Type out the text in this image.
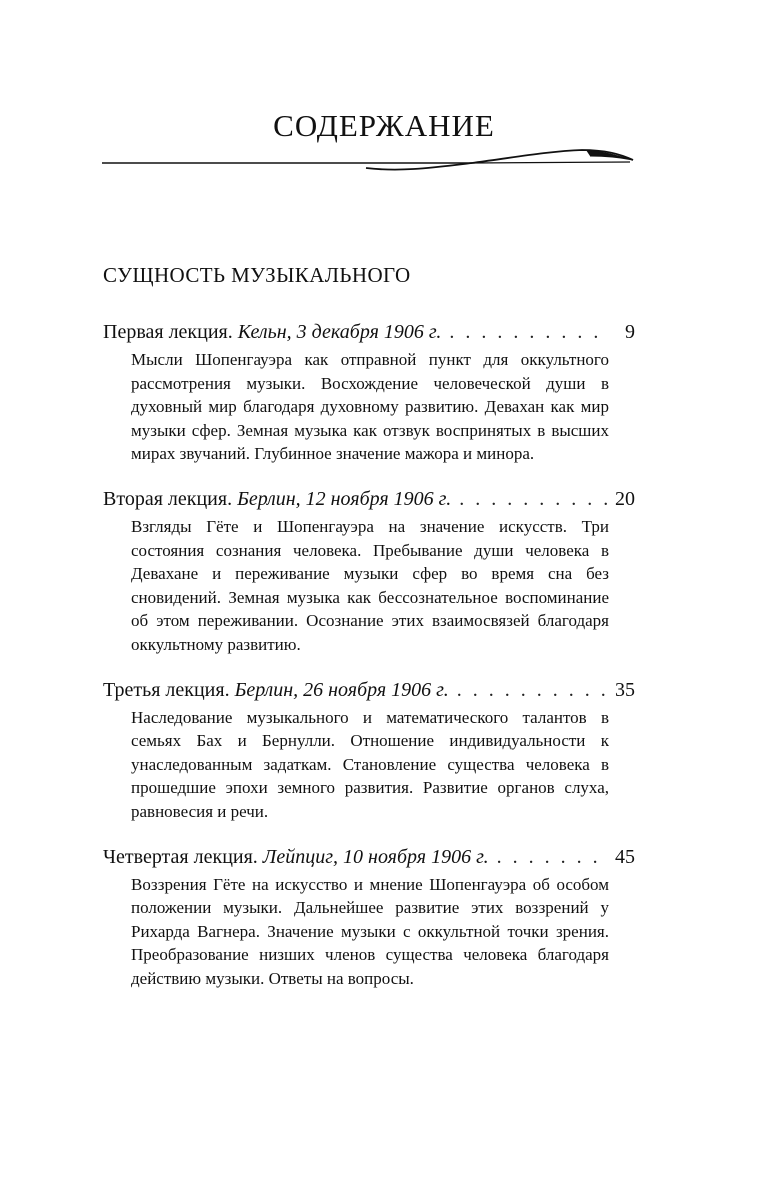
СОДЕРЖАНИЕ
СУЩНОСТЬ МУЗЫКАЛЬНОГО
Первая лекция. Кельн, 3 декабря 1906 г. . . .	9

Мысли Шопенгауэра как отправной пункт для оккультного рассмотрения музыки. Восхождение человеческой души в духовный мир благодаря духовному развитию. Девахан как мир музыки сфер. Земная музыка как отзвук воспринятых в высших мирах звучаний. Глубинное значение мажора и минора.

Вторая лекция. Берлин, 12 ноября 1906 г. . . .	20

Взгляды Гёте и Шопенгауэра на значение искусств. Три состояния сознания человека. Пребывание души человека в Девахане и переживание музыки сфер во время сна без сновидений. Земная музыка как бессознательное воспоминание об этом переживании. Осознание этих взаимосвязей благодаря оккультному развитию.

Третья лекция. Берлин, 26 ноября 1906 г. . . .	35

Наследование музыкального и математического талантов в семьях Бах и Бернулли. Отношение индивидуальности к унаследованным задаткам. Становление существа человека в прошедшие эпохи земного развития. Развитие органов слуха, равновесия и речи.

Четвертая лекция. Лейпциг, 10 ноября 1906 г. . . .	45

Воззрения Гёте на искусство и мнение Шопенгауэра об особом положении музыки. Дальнейшее развитие этих воззрений у Рихарда Вагнера. Значение музыки с оккультной точки зрения. Преобразование низших членов существа человека благодаря действию музыки. Ответы на вопросы.
